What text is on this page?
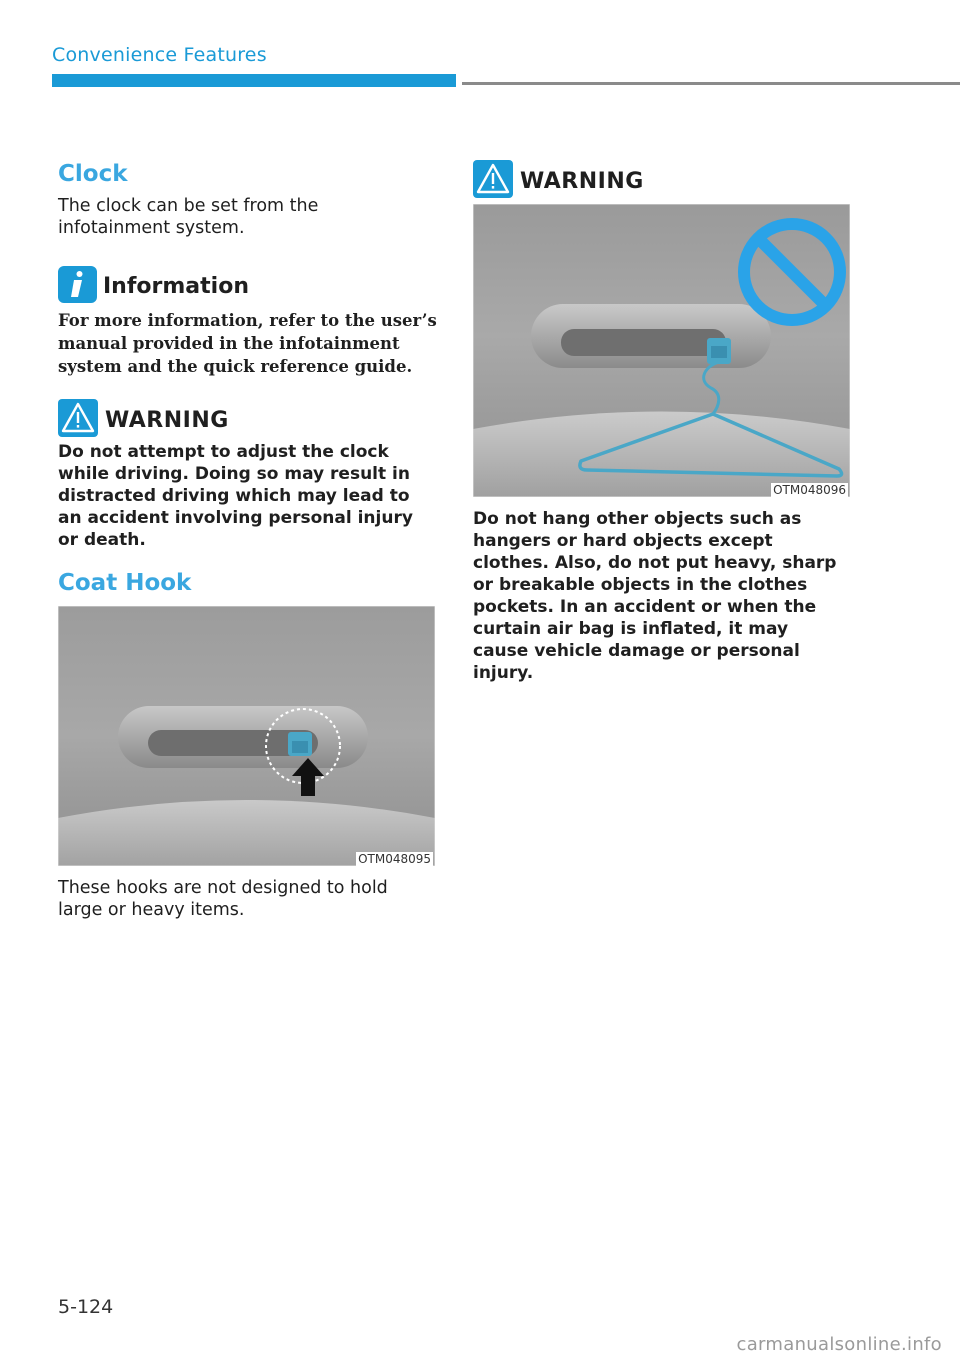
Convenience Features
Clock
The clock can be set from the infotainment system.
Information
For more information, refer to the user’s manual provided in the infotainment system and the quick reference guide.
WARNING
Do not attempt to adjust the clock while driving. Doing so may result in distracted driving which may lead to an accident involving personal injury or death.
Coat Hook
OTM048095
These hooks are not designed to hold large or heavy items.
WARNING
OTM048096
Do not hang other objects such as hangers or hard objects except clothes. Also, do not put heavy, sharp or breakable objects in the clothes pockets. In an accident or when the curtain air bag is inflated, it may cause vehicle damage or personal injury.
5-124
carmanualsonline.info
